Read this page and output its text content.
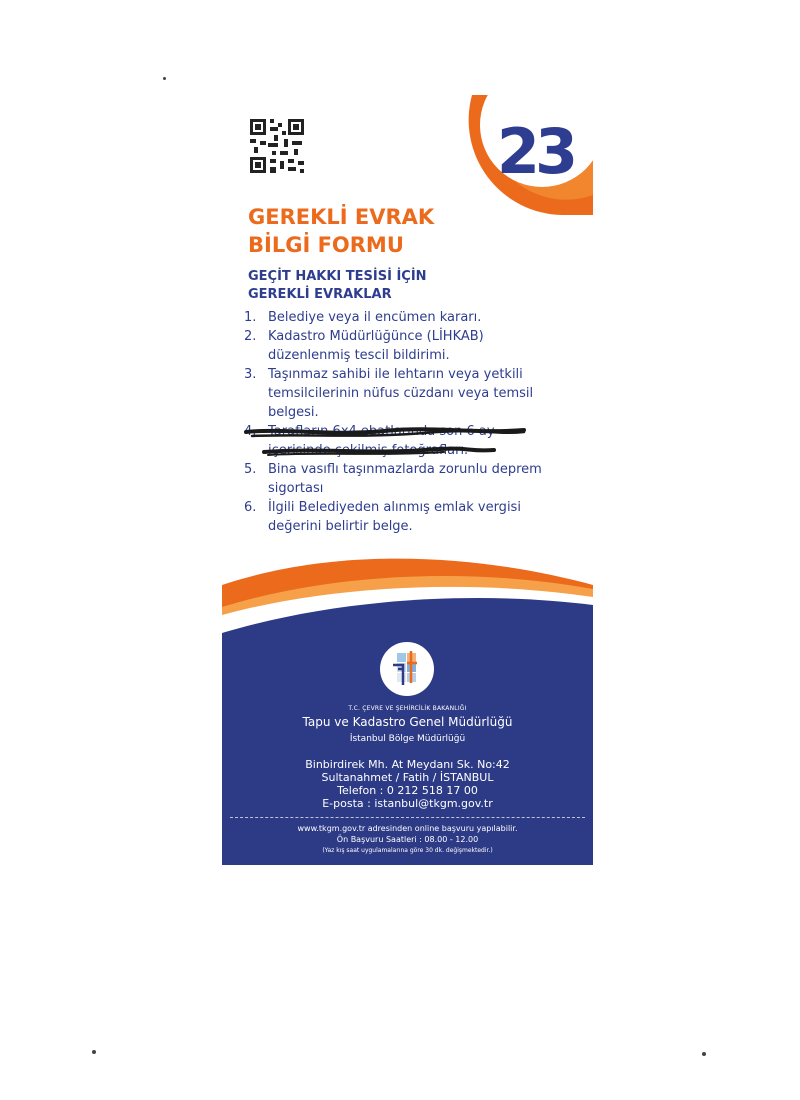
23
GEREKLİ EVRAK
BİLGİ FORMU
GEÇİT HAKKI TESİSİ İÇİN
GEREKLİ EVRAKLAR
1. Belediye veya il encümen kararı.
2. Kadastro Müdürlüğünce (LİHKAB) düzenlenmiş tescil bildirimi.
3. Taşınmaz sahibi ile lehtarın veya yetkili temsilcilerinin nüfus cüzdanı veya temsil belgesi.
4. Tarafların 6x4 ebatlarında son 6 ay içerisinde çekilmiş fotoğrafları.
5. Bina vasıflı taşınmazlarda zorunlu deprem sigortası
6. İlgili Belediyeden alınmış emlak vergisi değerini belirtir belge.
T.C. ÇEVRE VE ŞEHİRCİLİK BAKANLIĞI
Tapu ve Kadastro Genel Müdürlüğü
İstanbul Bölge Müdürlüğü
Binbirdirek Mh. At Meydanı Sk. No:42
Sultanahmet / Fatih / İSTANBUL
Telefon : 0 212 518 17 00
E-posta : istanbul@tkgm.gov.tr
www.tkgm.gov.tr adresinden online başvuru yapılabilir.
Ön Başvuru Saatleri : 08.00 - 12.00
(Yaz kış saat uygulamalarına göre 30 dk. değişmektedir.)
